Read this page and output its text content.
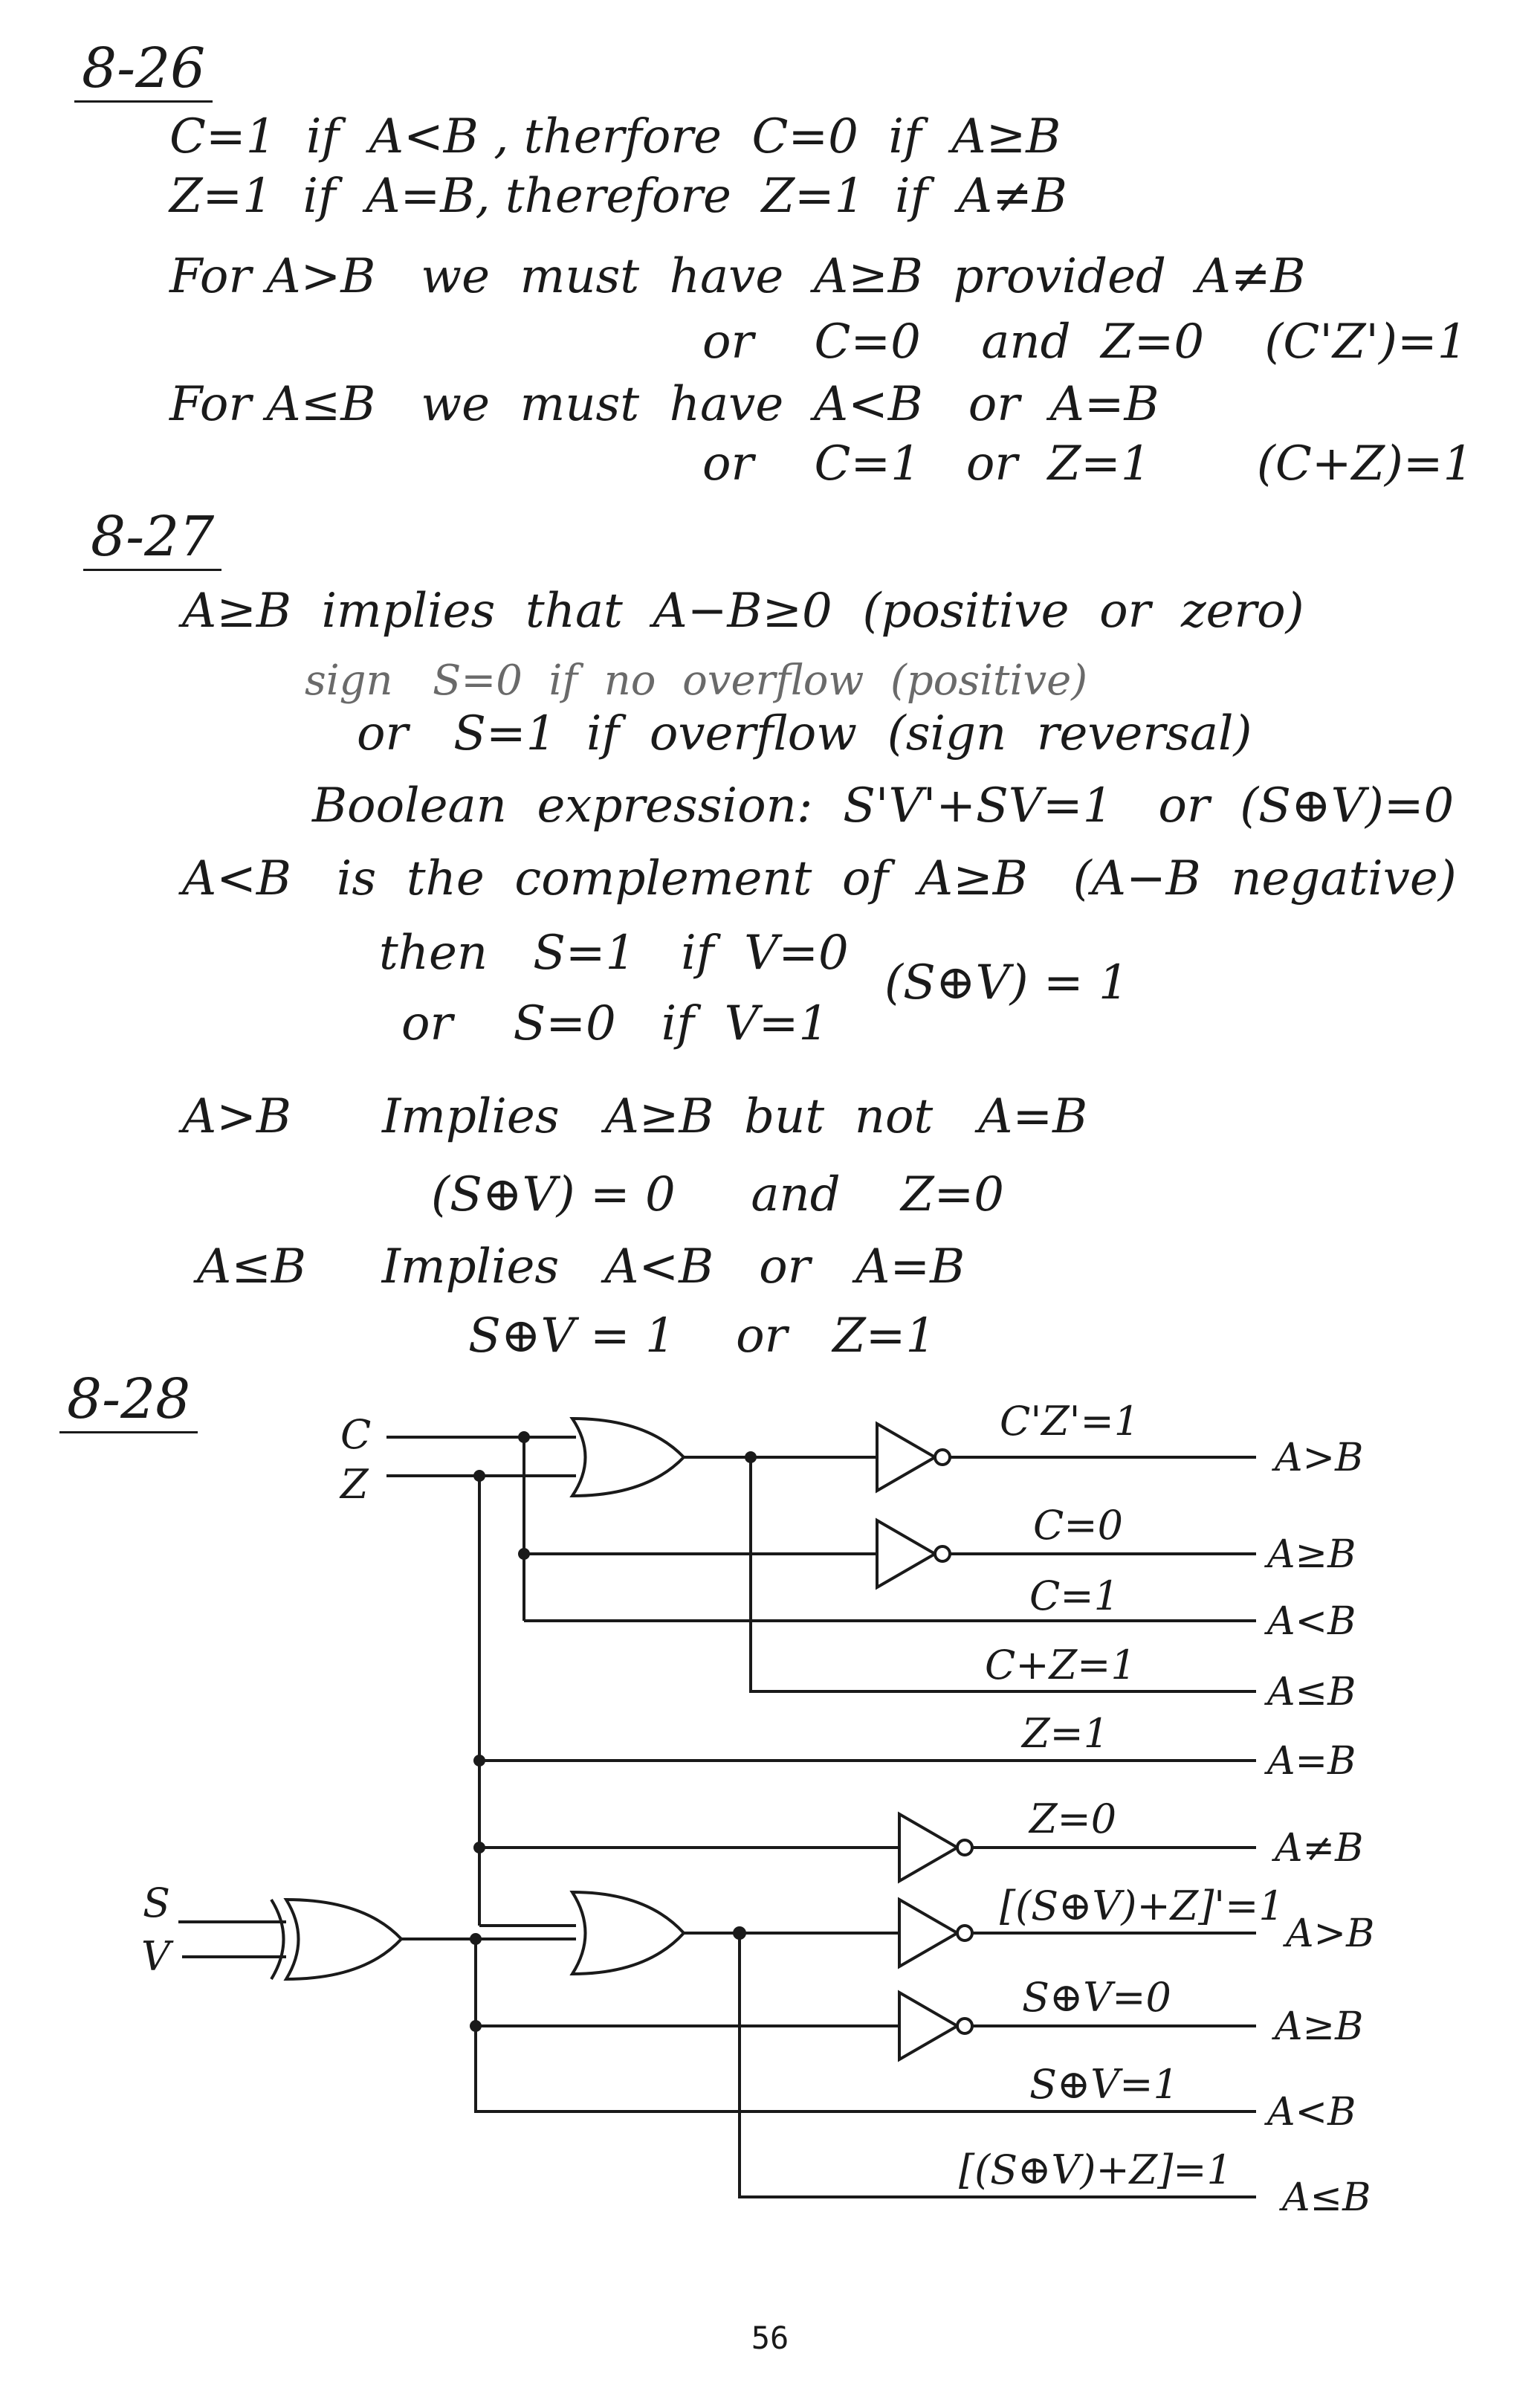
8-26
C=1  if  A<B , therfore  C=0  if  A≥B
Z=1  if  A=B, therefore  Z=1  if  A≠B
For A>B   we  must  have  A≥B  provided  A≠B
or    C=0    and  Z=0    (C'Z')=1
For A≤B   we  must  have  A<B   or  A=B
or    C=1   or  Z=1       (C+Z)=1
8-27
A≥B  implies  that  A−B≥0  (positive  or  zero)
sign   S=0  if  no  overflow  (positive)
or   S=1  if  overflow  (sign  reversal)
Boolean  expression:  S'V'+SV=1   or  (S⊕V)=0
A<B   is  the  complement  of  A≥B   (A−B  negative)
then   S=1   if  V=0
(S⊕V) = 1
or    S=0   if  V=1
A>B      Implies   A≥B  but  not   A=B
(S⊕V) = 0     and    Z=0
A≤B     Implies   A<B   or   A=B
S⊕V = 1    or   Z=1
8-28
C
Z
S
V
C'Z'=1
C=0
C=1
C+Z=1
Z=1
Z=0
[(S⊕V)+Z]'=1
S⊕V=0
S⊕V=1
[(S⊕V)+Z]=1
A>B
A≥B
A<B
A≤B
A=B
A≠B
A>B
A≥B
A<B
A≤B
56
